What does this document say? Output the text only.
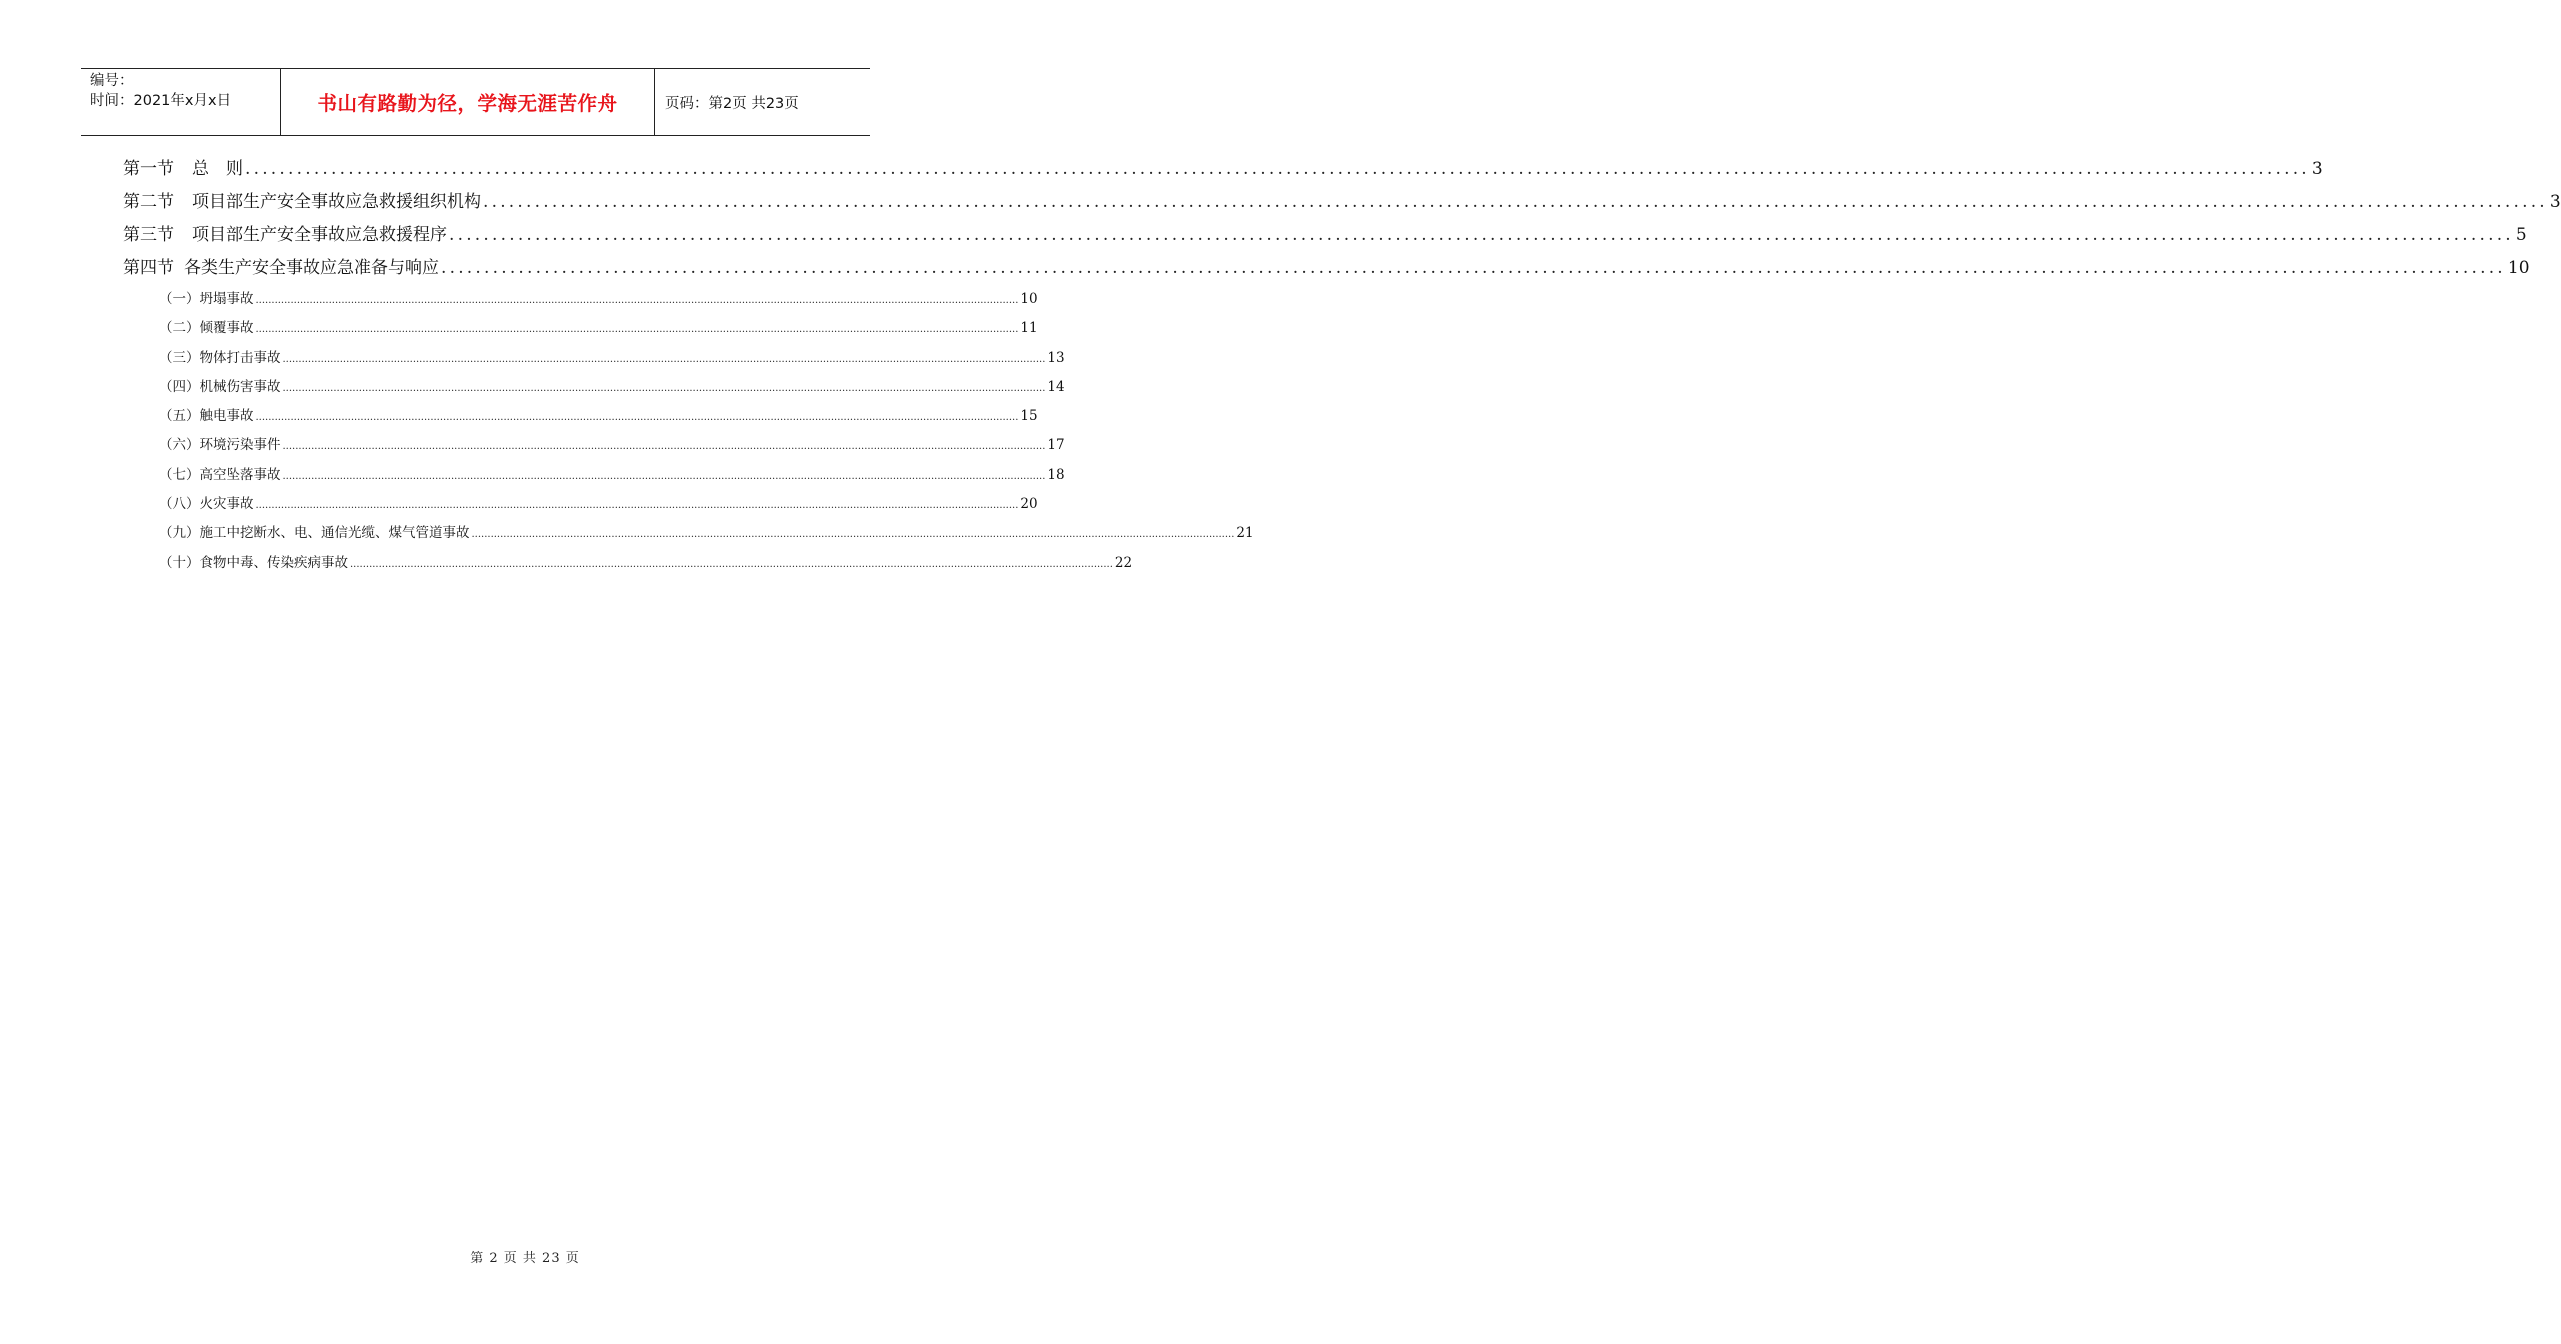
编号：
时间：2021年x月x日	书山有路勤为径，学海无涯苦作舟	页码：第2页 共23页
第一节 总　则 ................................................................................................................................................................................................................................................ 3
第二节 项目部生产安全事故应急救援组织机构 ................................................................................................................................................................................................................................................ 3
第三节 项目部生产安全事故应急救援程序 ................................................................................................................................................................................................................................................ 5
第四节 各类生产安全事故应急准备与响应 ................................................................................................................................................................................................................................................ 10
（一）坍塌事故 ................................................................................................................................................................................................................................................ 10
（二）倾覆事故 ................................................................................................................................................................................................................................................ 11
（三）物体打击事故 ................................................................................................................................................................................................................................................ 13
（四）机械伤害事故 ................................................................................................................................................................................................................................................ 14
（五）触电事故 ................................................................................................................................................................................................................................................ 15
（六）环境污染事件 ................................................................................................................................................................................................................................................ 17
（七）高空坠落事故 ................................................................................................................................................................................................................................................ 18
（八）火灾事故 ................................................................................................................................................................................................................................................ 20
（九）施工中挖断水、电、通信光缆、煤气管道事故 ................................................................................................................................................................................................................................................ 21
（十）食物中毒、传染疾病事故 ................................................................................................................................................................................................................................................ 22
第 2 页 共 23 页
